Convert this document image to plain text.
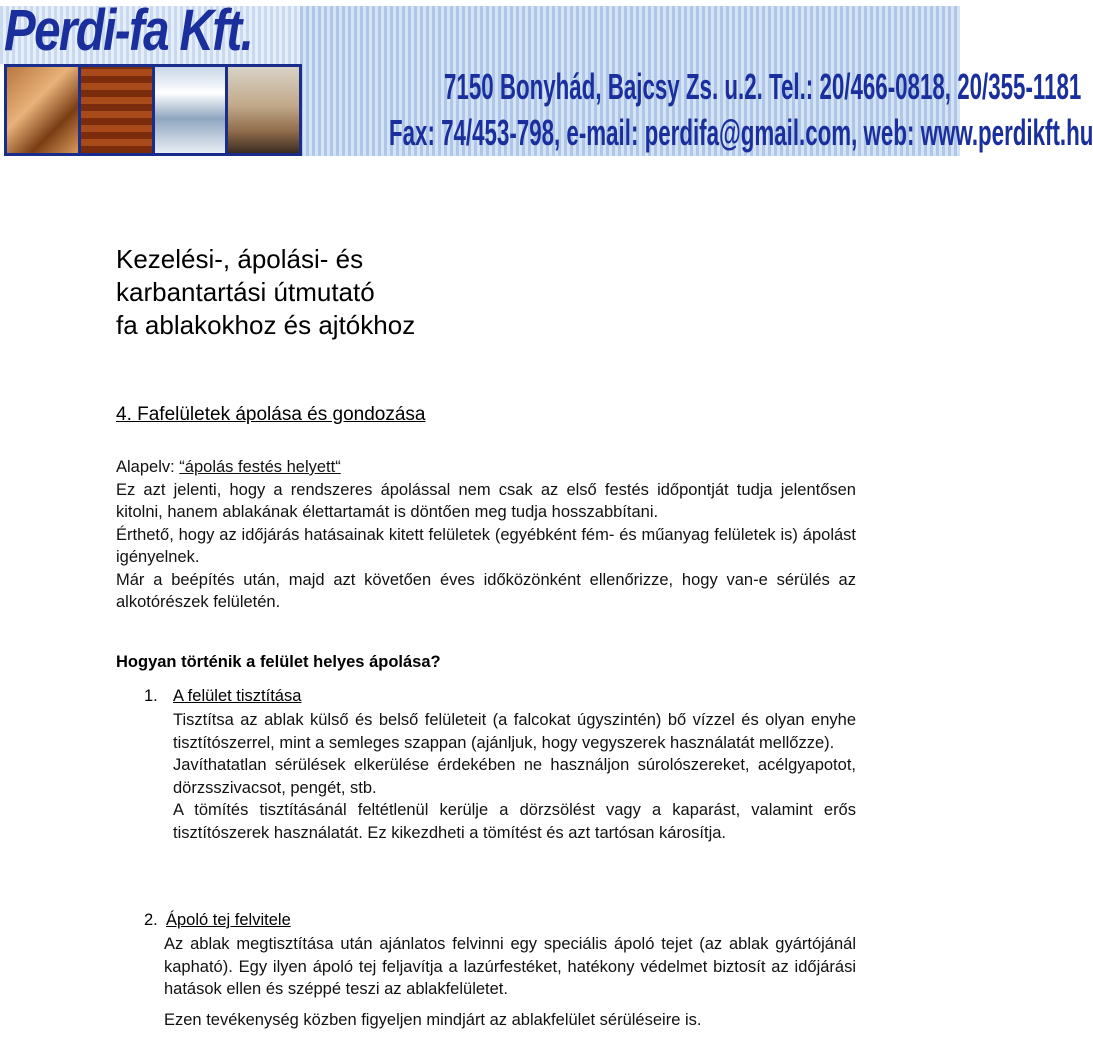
Perdi-fa Kft.
7150 Bonyhád, Bajcsy Zs. u.2. Tel.: 20/466-0818, 20/355-1181
Fax: 74/453-798, e-mail: perdifa@gmail.com, web: www.perdikft.hu
Kezelési-, ápolási- és
karbantartási útmutató
fa ablakokhoz és ajtókhoz
4. Fafelületek ápolása és gondozása
Alapelv: “ápolás festés helyett“
Ez azt jelenti, hogy a rendszeres ápolással nem csak az első festés időpontját tudja jelentősen kitolni, hanem ablakának élettartamát is döntően meg tudja hosszabbítani.
Érthető, hogy az időjárás hatásainak kitett felületek (egyébként fém- és műanyag felületek is) ápolást igényelnek.
Már a beépítés után, majd azt követően éves időközönként ellenőrizze, hogy van-e sérülés az alkotórészek felületén.
Hogyan történik a felület helyes ápolása?
1. A felület tisztítása
Tisztítsa az ablak külső és belső felületeit (a falcokat úgyszintén) bő vízzel és olyan enyhe tisztítószerrel, mint a semleges szappan (ajánljuk, hogy vegyszerek használatát mellőzze).
Javíthatatlan sérülések elkerülése érdekében ne használjon súrolószereket, acélgyapotot, dörzsszivacsot, pengét, stb.
A tömítés tisztításánál feltétlenül kerülje a dörzsölést vagy a kaparást, valamint erős tisztítószerek használatát. Ez kikezdheti a tömítést és azt tartósan károsítja.
2. Ápoló tej felvitele
Az ablak megtisztítása után ajánlatos felvinni egy speciális ápoló tejet (az ablak gyártójánál kapható). Egy ilyen ápoló tej feljavítja a lazúrfestéket, hatékony védelmet biztosít az időjárási hatások ellen és széppé teszi az ablakfelületet.
Ezen tevékenység közben figyeljen mindjárt az ablakfelület sérüléseire is.
